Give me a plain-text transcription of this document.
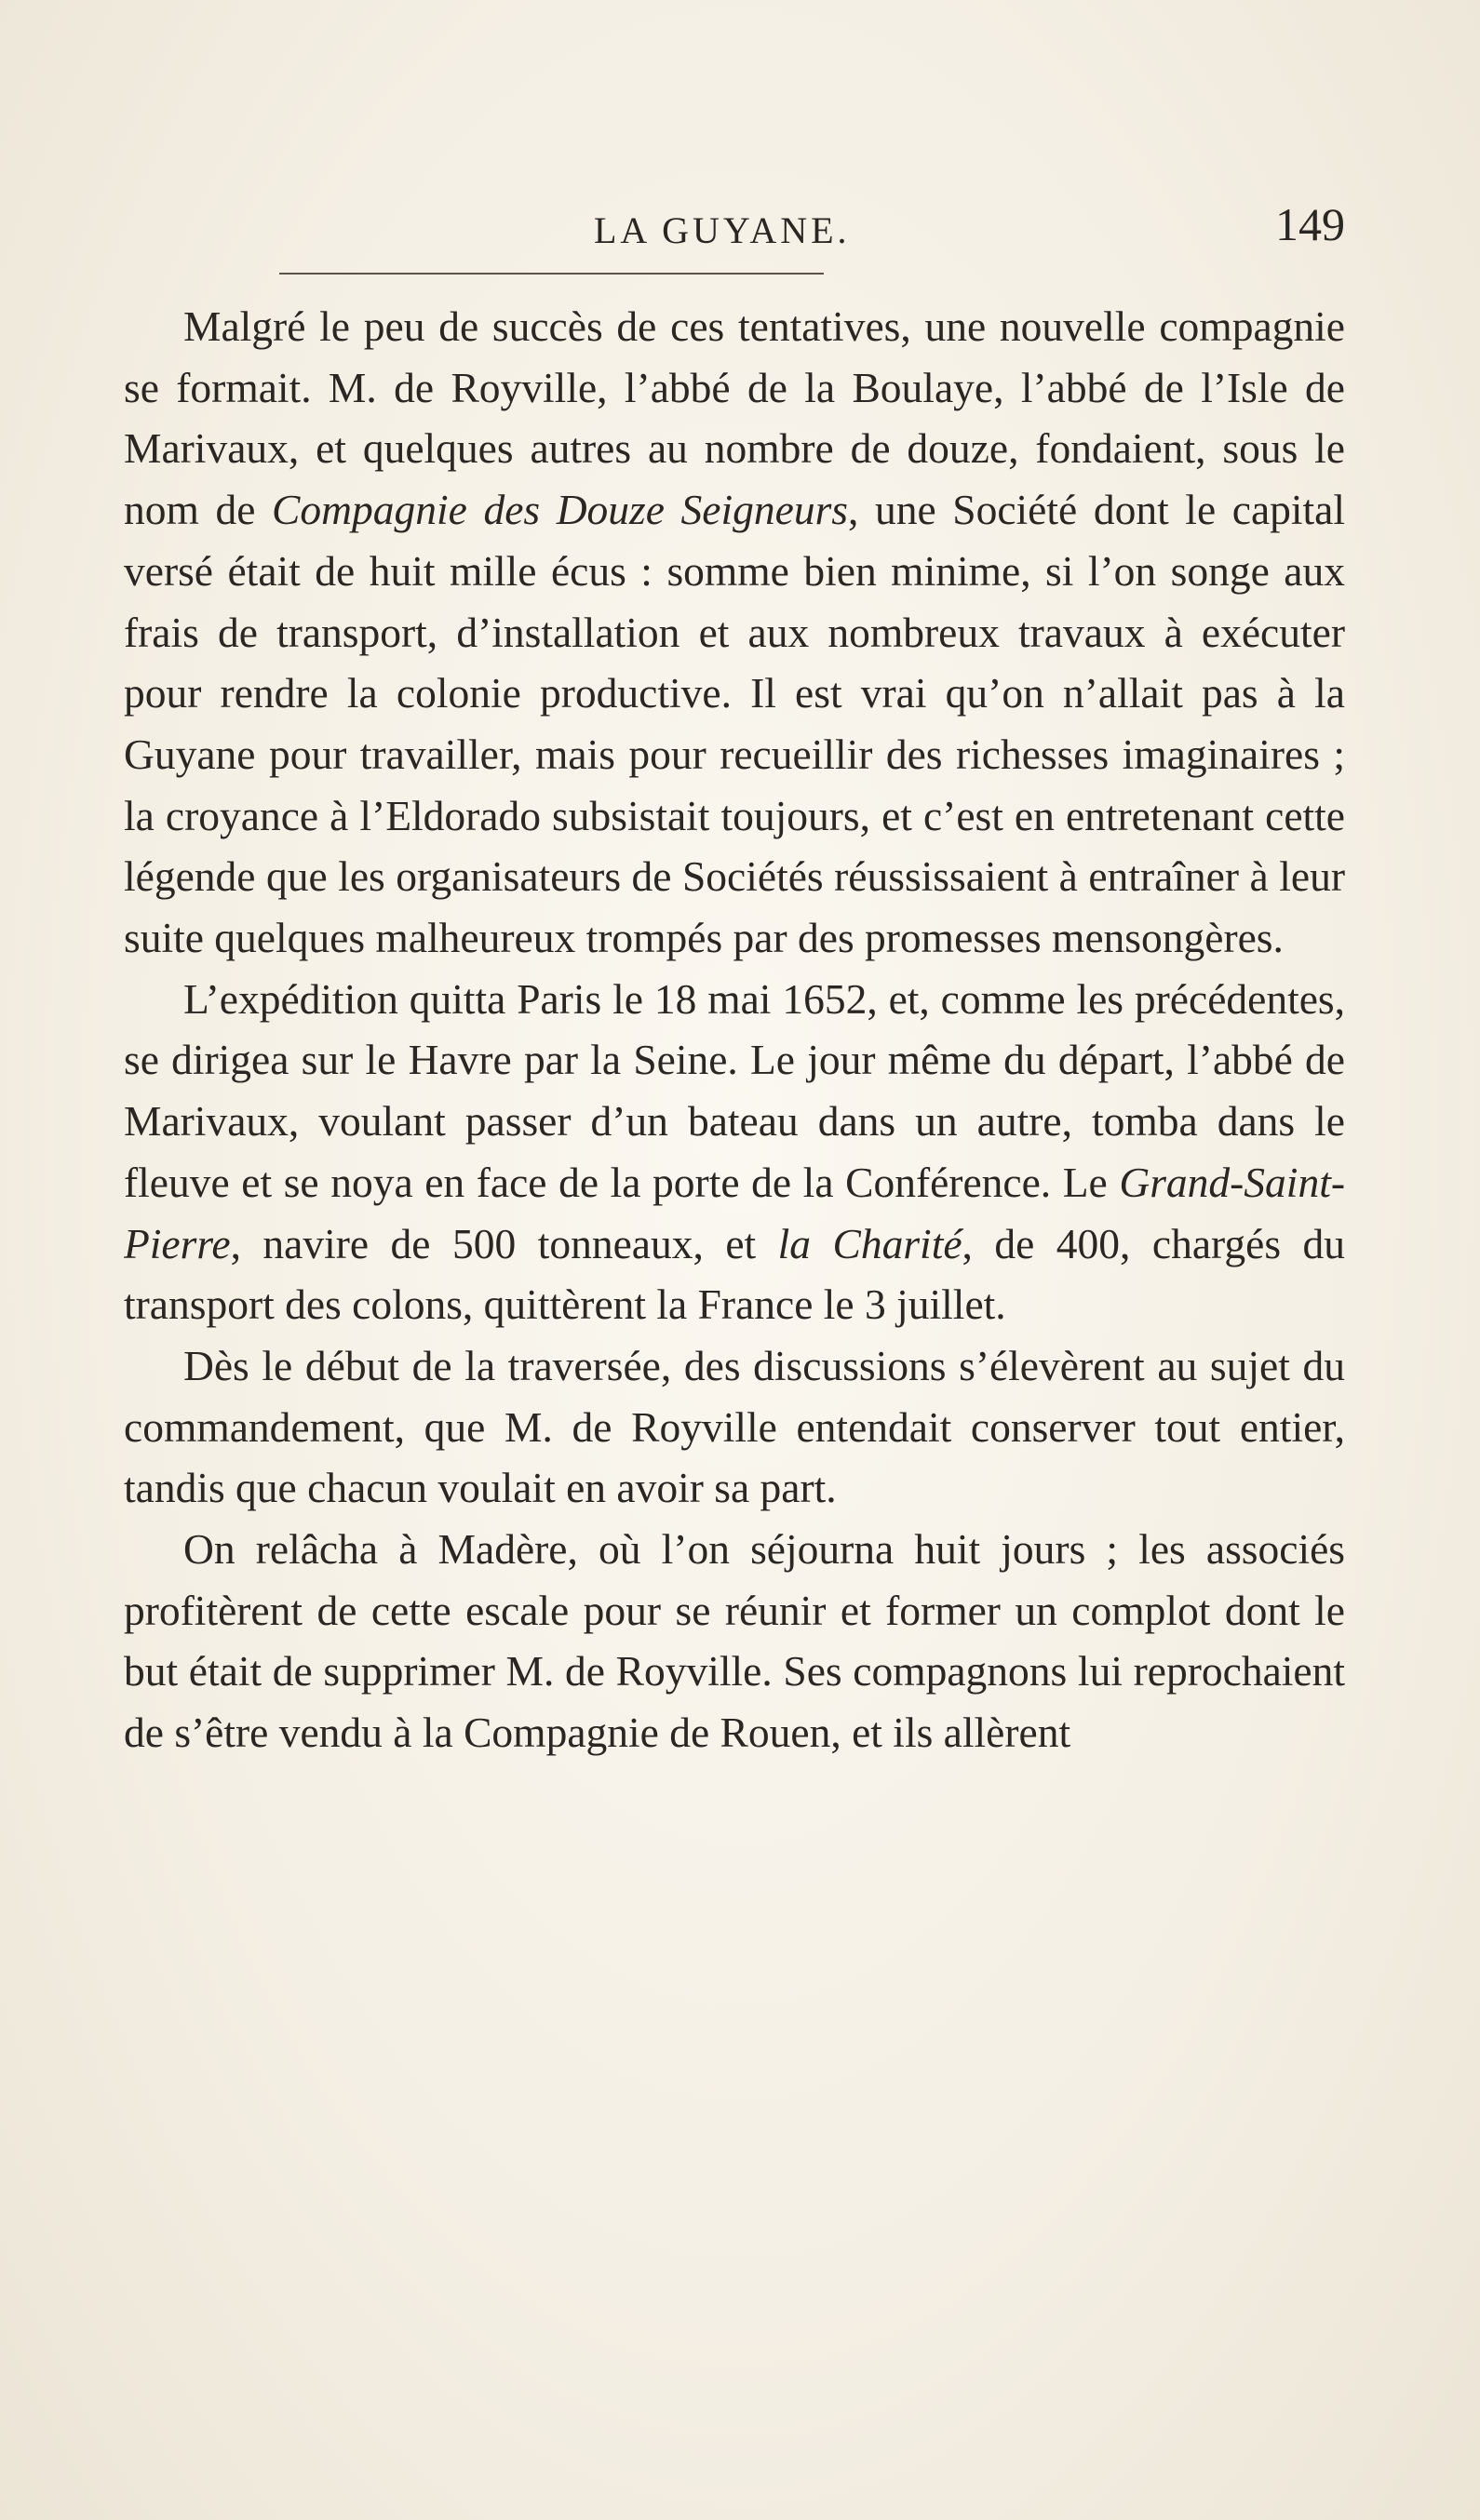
LA GUYANE.	149

Malgré le peu de succès de ces tentatives, une nouvelle compagnie se formait. M. de Royville, l’abbé de la Boulaye, l’abbé de l’Isle de Marivaux, et quelques autres au nombre de douze, fondaient, sous le nom de Compagnie des Douze Seigneurs, une Société dont le capital versé était de huit mille écus : somme bien minime, si l’on songe aux frais de transport, d’installation et aux nombreux travaux à exécuter pour rendre la colonie productive. Il est vrai qu’on n’allait pas à la Guyane pour travailler, mais pour recueillir des richesses imaginaires ; la croyance à l’Eldorado subsistait toujours, et c’est en entretenant cette légende que les organisateurs de Sociétés réussissaient à entraîner à leur suite quelques malheureux trompés par des promesses mensongères.

L’expédition quitta Paris le 18 mai 1652, et, comme les précédentes, se dirigea sur le Havre par la Seine. Le jour même du départ, l’abbé de Marivaux, voulant passer d’un bateau dans un autre, tomba dans le fleuve et se noya en face de la porte de la Conférence. Le Grand-Saint-Pierre, navire de 500 tonneaux, et la Charité, de 400, chargés du transport des colons, quittèrent la France le 3 juillet.

Dès le début de la traversée, des discussions s’élevèrent au sujet du commandement, que M. de Royville entendait conserver tout entier, tandis que chacun voulait en avoir sa part.

On relâcha à Madère, où l’on séjourna huit jours ; les associés profitèrent de cette escale pour se réunir et former un complot dont le but était de supprimer M. de Royville. Ses compagnons lui reprochaient de s’être vendu à la Compagnie de Rouen, et ils allèrent
